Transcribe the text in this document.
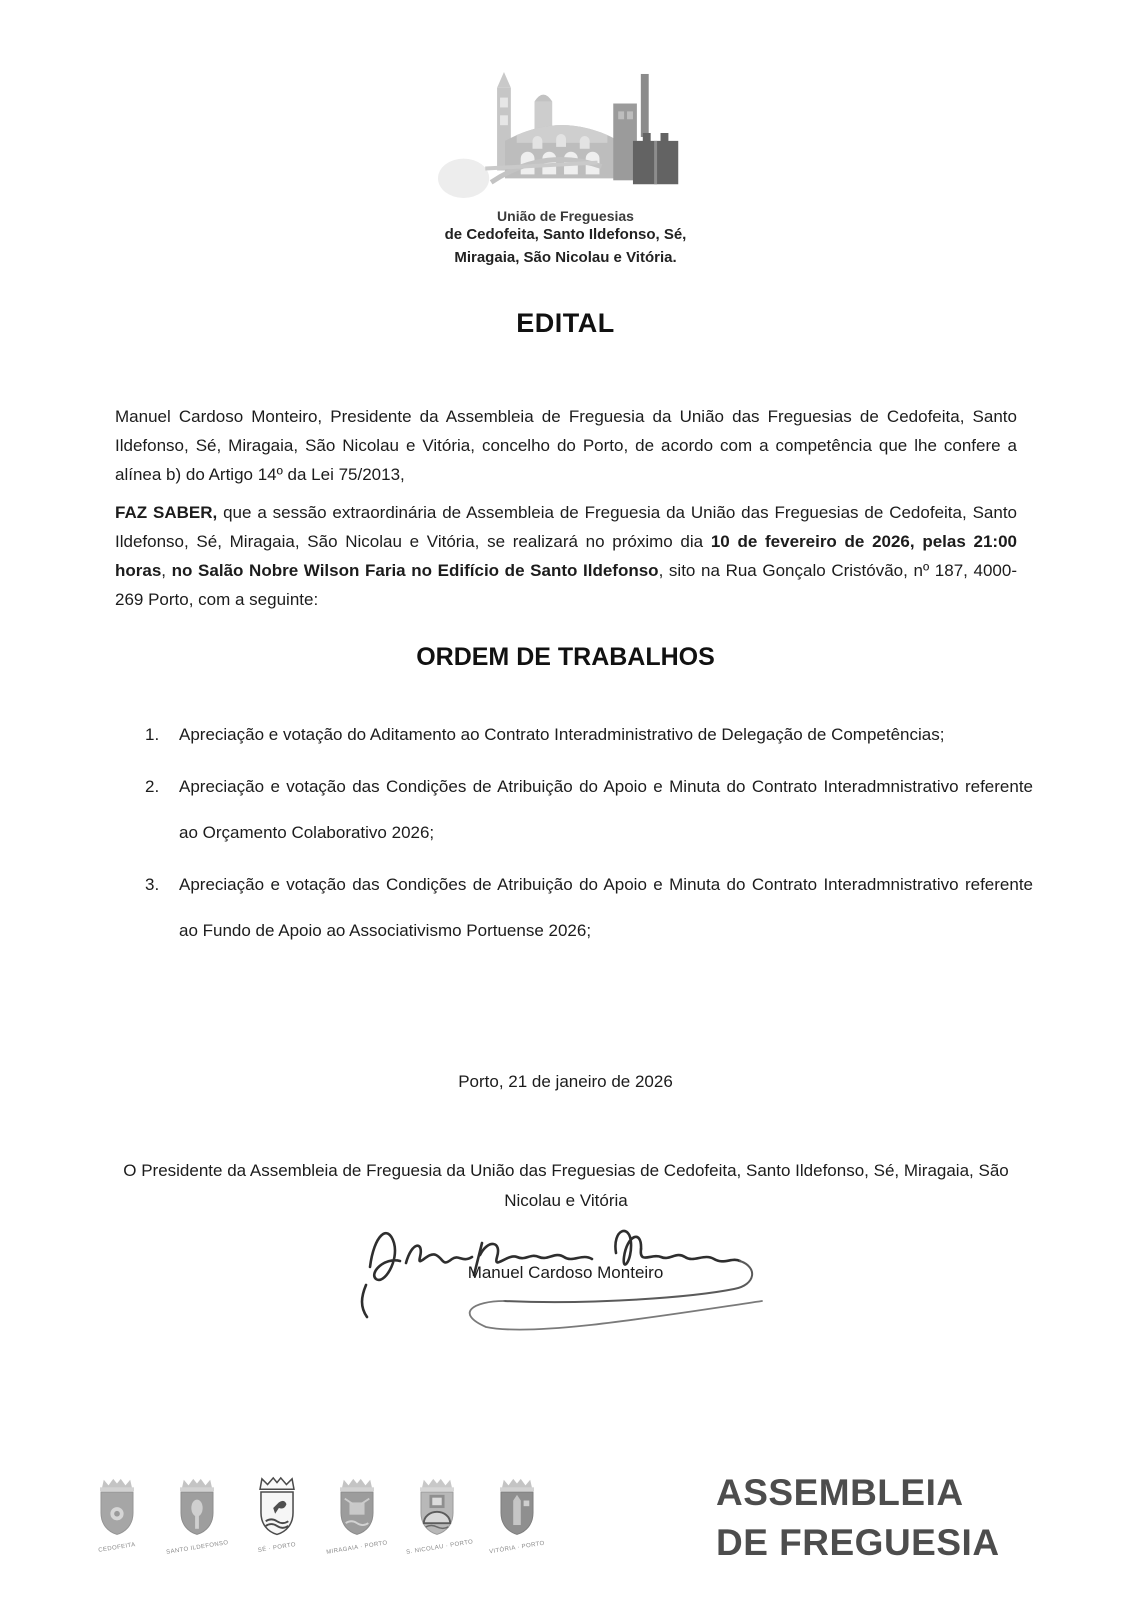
União de Freguesias
de Cedofeita, Santo Ildefonso, Sé,
Miragaia, São Nicolau e Vitória.
EDITAL

Manuel Cardoso Monteiro, Presidente da Assembleia de Freguesia da União das Freguesias de Cedofeita, Santo Ildefonso, Sé, Miragaia, São Nicolau e Vitória, concelho do Porto, de acordo com a competência que lhe confere a alínea b) do Artigo 14º da Lei 75/2013,

FAZ SABER, que a sessão extraordinária de Assembleia de Freguesia da União das Freguesias de Cedofeita, Santo Ildefonso, Sé, Miragaia, São Nicolau e Vitória, se realizará no próximo dia 10 de fevereiro de 2026, pelas 21:00 horas, no Salão Nobre Wilson Faria no Edifício de Santo Ildefonso, sito na Rua Gonçalo Cristóvão, nº 187, 4000-269 Porto, com a seguinte:

ORDEM DE TRABALHOS
1.	Apreciação e votação do Aditamento ao Contrato Interadministrativo de Delegação de Competências;
2.	Apreciação e votação das Condições de Atribuição do Apoio e Minuta do Contrato Interadmnistrativo referente ao Orçamento Colaborativo 2026;
3.	Apreciação e votação das Condições de Atribuição do Apoio e Minuta do Contrato Interadmnistrativo referente ao Fundo de Apoio ao Associativismo Portuense 2026;
Porto, 21 de janeiro de 2026
O Presidente da Assembleia de Freguesia da União das Freguesias de Cedofeita, Santo Ildefonso, Sé, Miragaia, São Nicolau e Vitória
Manuel Cardoso Monteiro
CEDOFEITA	SANTO ILDEFONSO	SÉ · PORTO	MIRAGAIA · PORTO	S. NICOLAU · PORTO	VITÓRIA · PORTO
ASSEMBLEIA
DE FREGUESIA
